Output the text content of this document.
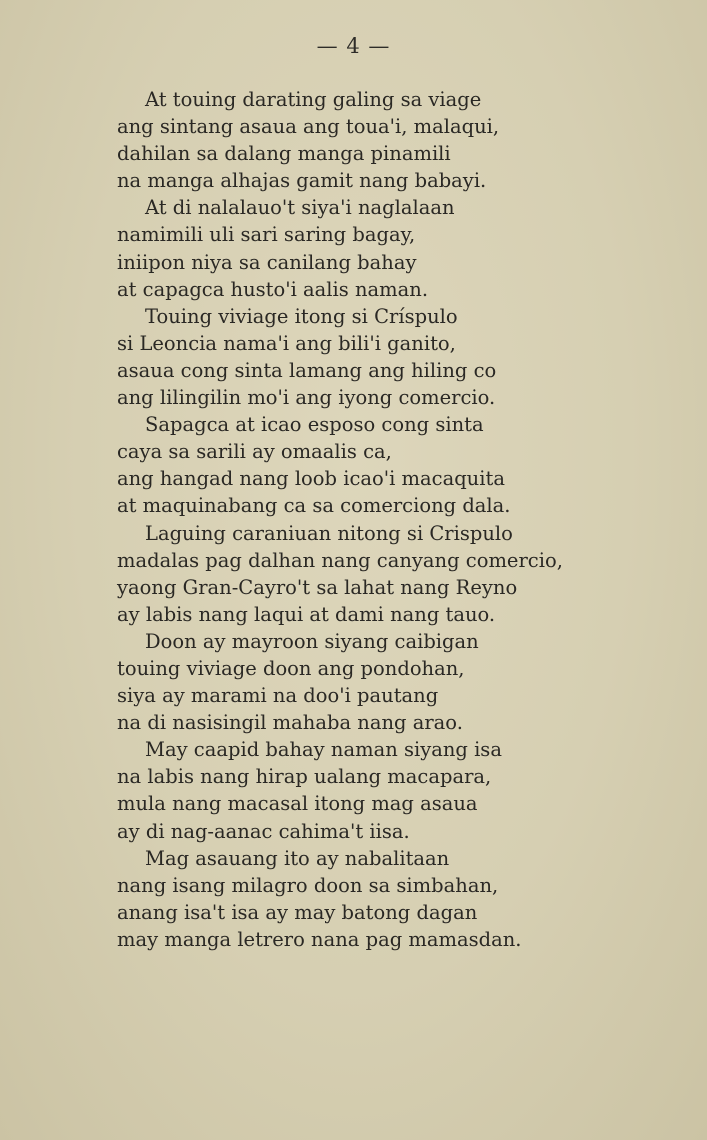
— 4 —
At touing darating galing sa viage
ang sintang asaua ang toua'i, malaqui,
dahilan sa dalang manga pinamili
na manga alhajas gamit nang babayi.
At di nalalauo't siya'i naglalaan
namimili uli sari saring bagay,
iniipon niya sa canilang bahay
at capagca husto'i aalis naman.
Touing viviage itong si Críspulo
si Leoncia nama'i ang bili'i ganito,
asaua cong sinta lamang ang hiling co
ang lilingilin mo'i ang iyong comercio.
Sapagca at icao esposo cong sinta
caya sa sarili ay omaalis ca,
ang hangad nang loob icao'i macaquita
at maquinabang ca sa comerciong dala.
Laguing caraniuan nitong si Crispulo
madalas pag dalhan nang canyang comercio,
yaong Gran-Cayro't sa lahat nang Reyno
ay labis nang laqui at dami nang tauo.
Doon ay mayroon siyang caibigan
touing viviage doon ang pondohan,
siya ay marami na doo'i pautang
na di nasisingil mahaba nang arao.
May caapid bahay naman siyang isa
na labis nang hirap ualang macapara,
mula nang macasal itong mag asaua
ay di nag-aanac cahima't iisa.
Mag asauang ito ay nabalitaan
nang isang milagro doon sa simbahan,
anang isa't isa ay may batong dagan
may manga letrero nana pag mamasdan.
